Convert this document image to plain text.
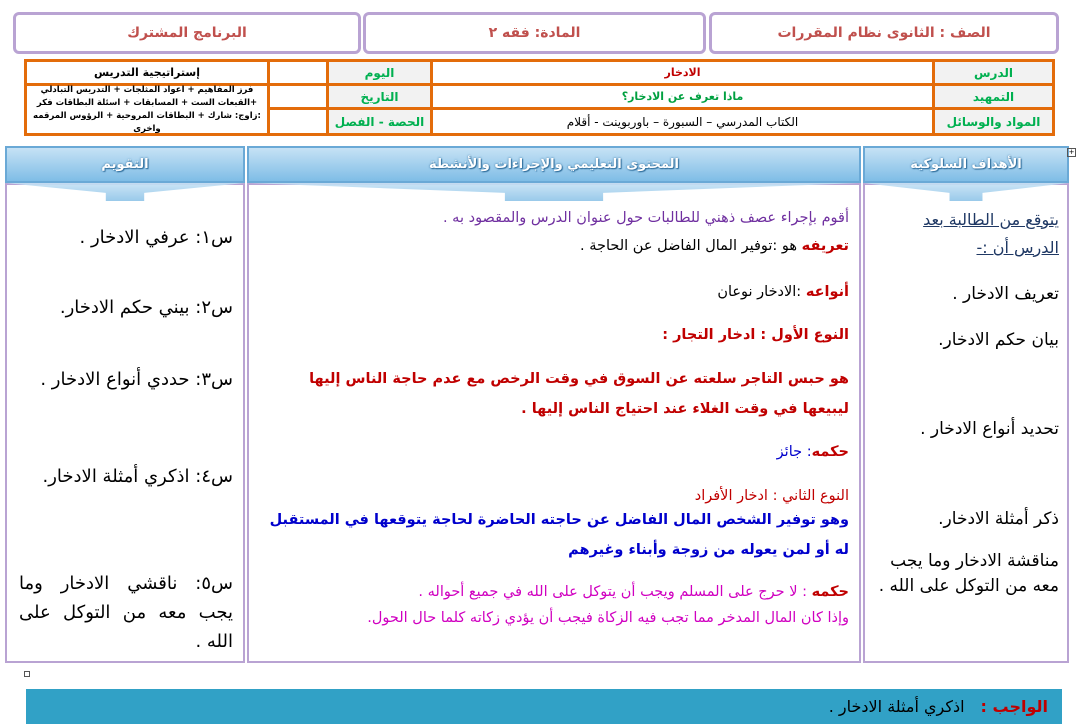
الصف : الثانوى نظام المقررات
المادة: فقه ٢
البرنامج المشترك
الدرس
الادخار
اليوم
التمهيد
ماذا تعرف عن الادخار؟
التاريخ
المواد والوسائل
الكتاب المدرسي – السبورة – باوربوينت - أقلام
الحصة - الفصل
إستراتيجية التدريس
فرز المفاهيم + اعواد المثلجات + التدريس التبادلي +القبعات الست + المسابقات + اسئلة البطاقات فكر :زاوج: شارك + البطاقات المروحية + الرؤوس المرقمه واخرى
الأهداف السلوكية
المحتوى التعليمي والإجراءات والأنشطة
التقويم
+
يتوقع من الطالبة بعد
الدرس أن :-
تعريف الادخار .
بيان حكم الادخار.
تحديد أنواع الادخار .
ذكر أمثلة الادخار.
مناقشة الادخار وما يجب معه من التوكل على الله .
أقوم بإجراء عصف ذهني للطالبات حول عنوان الدرس والمقصود به .
تعريفه هو :توفير المال الفاضل عن الحاجة .
أنواعه :الادخار نوعان
النوع الأول : ادخار التجار :
هو حبس التاجر سلعته عن السوق في وقت الرخص مع عدم حاجة الناس إليها
ليبيعها في وقت الغلاء عند احتياج الناس إليها .
حكمه: جائز
النوع الثاني : ادخار الأفراد
وهو توفير الشخص المال الفاضل عن حاجته الحاضرة لحاجة يتوقعها في المستقبل
له أو لمن يعوله من زوجة وأبناء وغيرهم
حكمه : لا حرج على المسلم ويجب أن يتوكل على الله في جميع أحواله .
وإذا كان المال المدخر مما تجب فيه الزكاة فيجب أن يؤدي زكاته كلما حال الحول.
س١: عرفي الادخار .
س٢: بيني حكم الادخار.
س٣: حددي أنواع الادخار .
س٤: اذكري أمثلة الادخار.
س٥: ناقشي الادخار وما يجب معه من التوكل على الله .
الواجب :
اذكري أمثلة الادخار .
